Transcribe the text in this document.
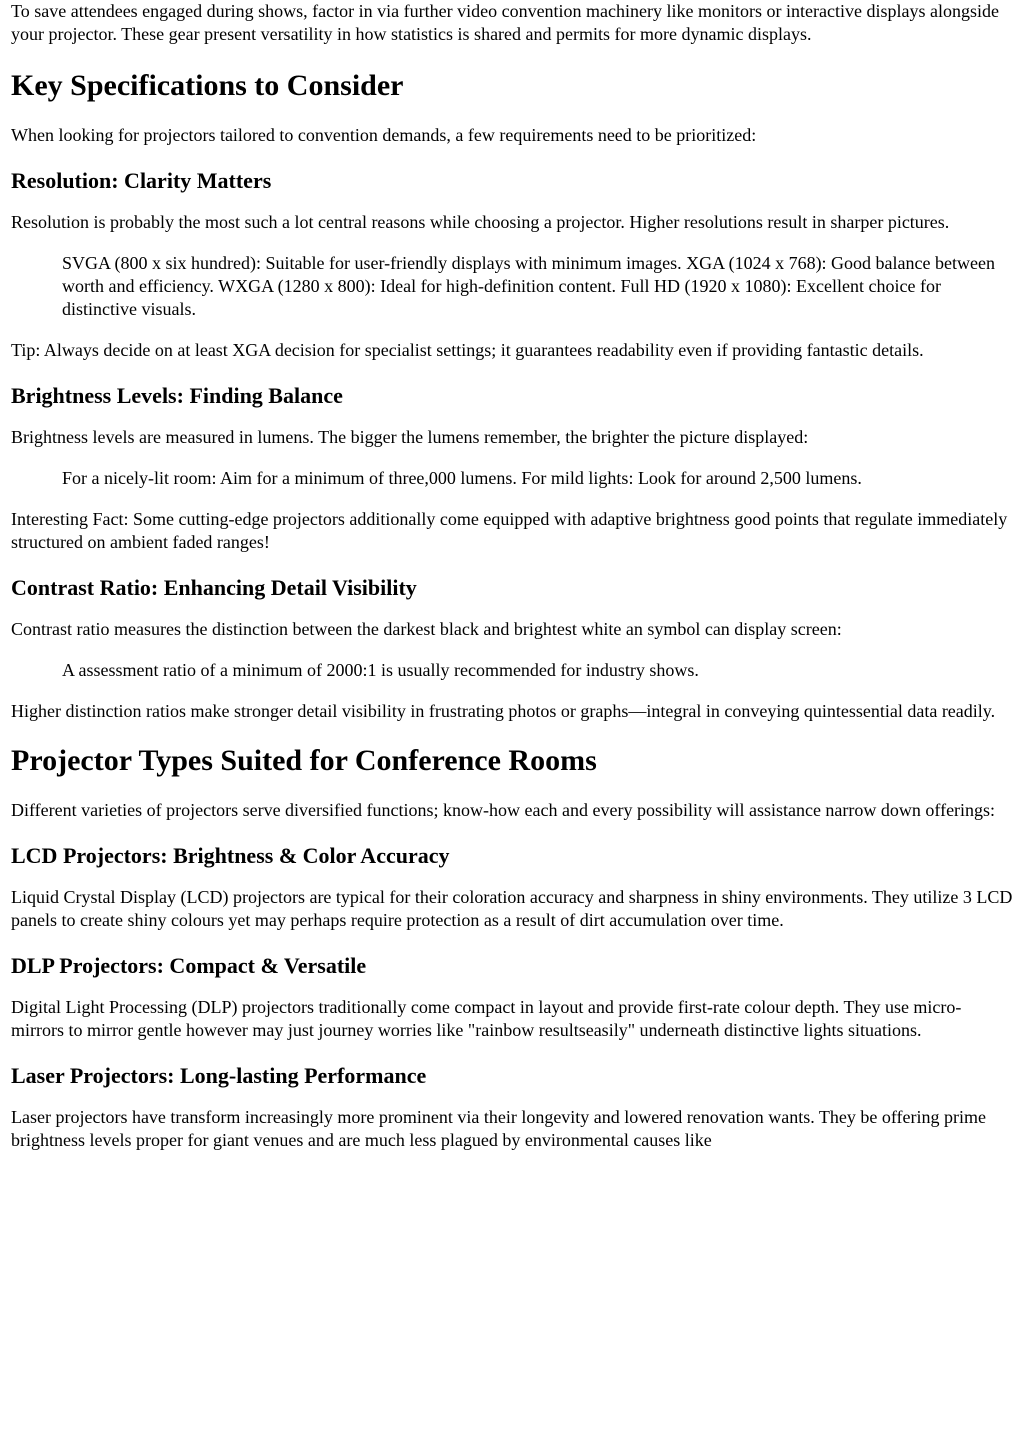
To save attendees engaged during shows, factor in via further video convention machinery like monitors or interactive displays alongside your projector. These gear present versatility in how statistics is shared and permits for more dynamic displays.

Key Specifications to Consider

When looking for projectors tailored to convention demands, a few requirements need to be prioritized:

Resolution: Clarity Matters

Resolution is probably the most such a lot central reasons while choosing a projector. Higher resolutions result in sharper pictures.

SVGA (800 x six hundred): Suitable for user-friendly displays with minimum images. XGA (1024 x 768): Good balance between worth and efficiency. WXGA (1280 x 800): Ideal for high-definition content. Full HD (1920 x 1080): Excellent choice for distinctive visuals.

Tip: Always decide on at least XGA decision for specialist settings; it guarantees readability even if providing fantastic details.

Brightness Levels: Finding Balance

Brightness levels are measured in lumens. The bigger the lumens remember, the brighter the picture displayed:

For a nicely-lit room: Aim for a minimum of three,000 lumens. For mild lights: Look for around 2,500 lumens.

Interesting Fact: Some cutting-edge projectors additionally come equipped with adaptive brightness good points that regulate immediately structured on ambient faded ranges!

Contrast Ratio: Enhancing Detail Visibility

Contrast ratio measures the distinction between the darkest black and brightest white an symbol can display screen:

A assessment ratio of a minimum of 2000:1 is usually recommended for industry shows.

Higher distinction ratios make stronger detail visibility in frustrating photos or graphs—integral in conveying quintessential data readily.

Projector Types Suited for Conference Rooms

Different varieties of projectors serve diversified functions; know-how each and every possibility will assistance narrow down offerings:

LCD Projectors: Brightness & Color Accuracy

Liquid Crystal Display (LCD) projectors are typical for their coloration accuracy and sharpness in shiny environments. They utilize 3 LCD panels to create shiny colours yet may perhaps require protection as a result of dirt accumulation over time.

DLP Projectors: Compact & Versatile

Digital Light Processing (DLP) projectors traditionally come compact in layout and provide first-rate colour depth. They use micro-mirrors to mirror gentle however may just journey worries like "rainbow resultseasily" underneath distinctive lights situations.

Laser Projectors: Long-lasting Performance

Laser projectors have transform increasingly more prominent via their longevity and lowered renovation wants. They be offering prime brightness levels proper for giant venues and are much less plagued by environmental causes like
